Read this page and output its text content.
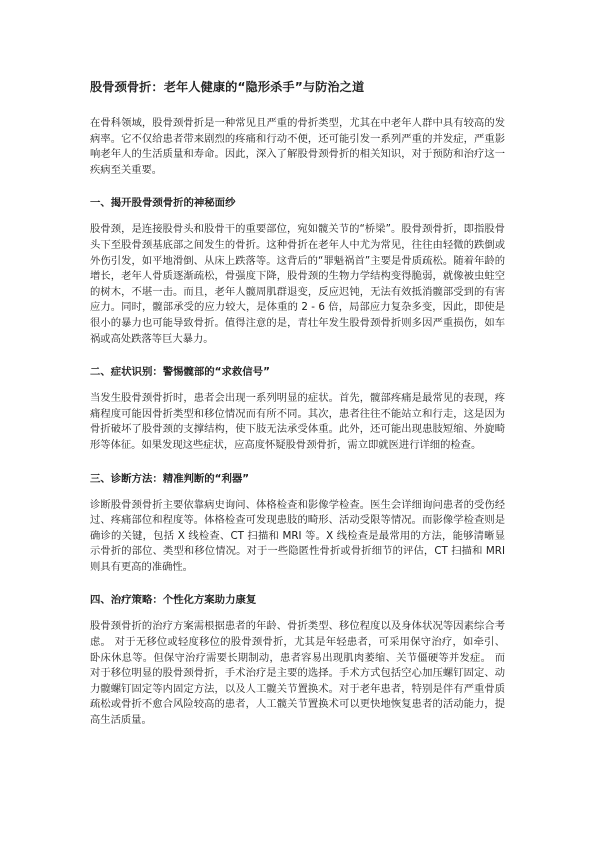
股骨颈骨折：老年人健康的“隐形杀手”与防治之道

在骨科领域，股骨颈骨折是一种常见且严重的骨折类型，尤其在中老年人群中具有较高的发病率。它不仅给患者带来剧烈的疼痛和行动不便，还可能引发一系列严重的并发症，严重影响老年人的生活质量和寿命。因此，深入了解股骨颈骨折的相关知识，对于预防和治疗这一疾病至关重要。

一、揭开股骨颈骨折的神秘面纱

股骨颈，是连接股骨头和股骨干的重要部位，宛如髋关节的“桥梁”。股骨颈骨折，即指股骨头下至股骨颈基底部之间发生的骨折。这种骨折在老年人中尤为常见，往往由轻微的跌倒或外伤引发，如平地滑倒、从床上跌落等。这背后的“罪魁祸首”主要是骨质疏松。随着年龄的增长，老年人骨质逐渐疏松，骨强度下降，股骨颈的生物力学结构变得脆弱，就像被虫蛀空的树木，不堪一击。而且，老年人髋周肌群退变，反应迟钝，无法有效抵消髋部受到的有害应力。同时，髋部承受的应力较大，是体重的 2 - 6 倍，局部应力复杂多变，因此，即使是很小的暴力也可能导致骨折。值得注意的是，青壮年发生股骨颈骨折则多因严重损伤，如车祸或高处跌落等巨大暴力。

二、症状识别：警惕髋部的“求救信号”

当发生股骨颈骨折时，患者会出现一系列明显的症状。首先，髋部疼痛是最常见的表现，疼痛程度可能因骨折类型和移位情况而有所不同。其次，患者往往不能站立和行走，这是因为骨折破坏了股骨颈的支撑结构，使下肢无法承受体重。此外，还可能出现患肢短缩、外旋畸形等体征。如果发现这些症状，应高度怀疑股骨颈骨折，需立即就医进行详细的检查。

三、诊断方法：精准判断的“利器”

诊断股骨颈骨折主要依靠病史询问、体格检查和影像学检查。医生会详细询问患者的受伤经过、疼痛部位和程度等。体格检查可发现患肢的畸形、活动受限等情况。而影像学检查则是确诊的关键，包括 X 线检查、CT 扫描和 MRI 等。X 线检查是最常用的方法，能够清晰显示骨折的部位、类型和移位情况。对于一些隐匿性骨折或骨折细节的评估，CT 扫描和 MRI 则具有更高的准确性。

四、治疗策略：个性化方案助力康复

股骨颈骨折的治疗方案需根据患者的年龄、骨折类型、移位程度以及身体状况等因素综合考虑。 对于无移位或轻度移位的股骨颈骨折，尤其是年轻患者，可采用保守治疗，如牵引、卧床休息等。但保守治疗需要长期制动，患者容易出现肌肉萎缩、关节僵硬等并发症。 而对于移位明显的股骨颈骨折，手术治疗是主要的选择。手术方式包括空心加压螺钉固定、动力髋螺钉固定等内固定方法，以及人工髋关节置换术。对于老年患者，特别是伴有严重骨质疏松或骨折不愈合风险较高的患者，人工髋关节置换术可以更快地恢复患者的活动能力，提高生活质量。
